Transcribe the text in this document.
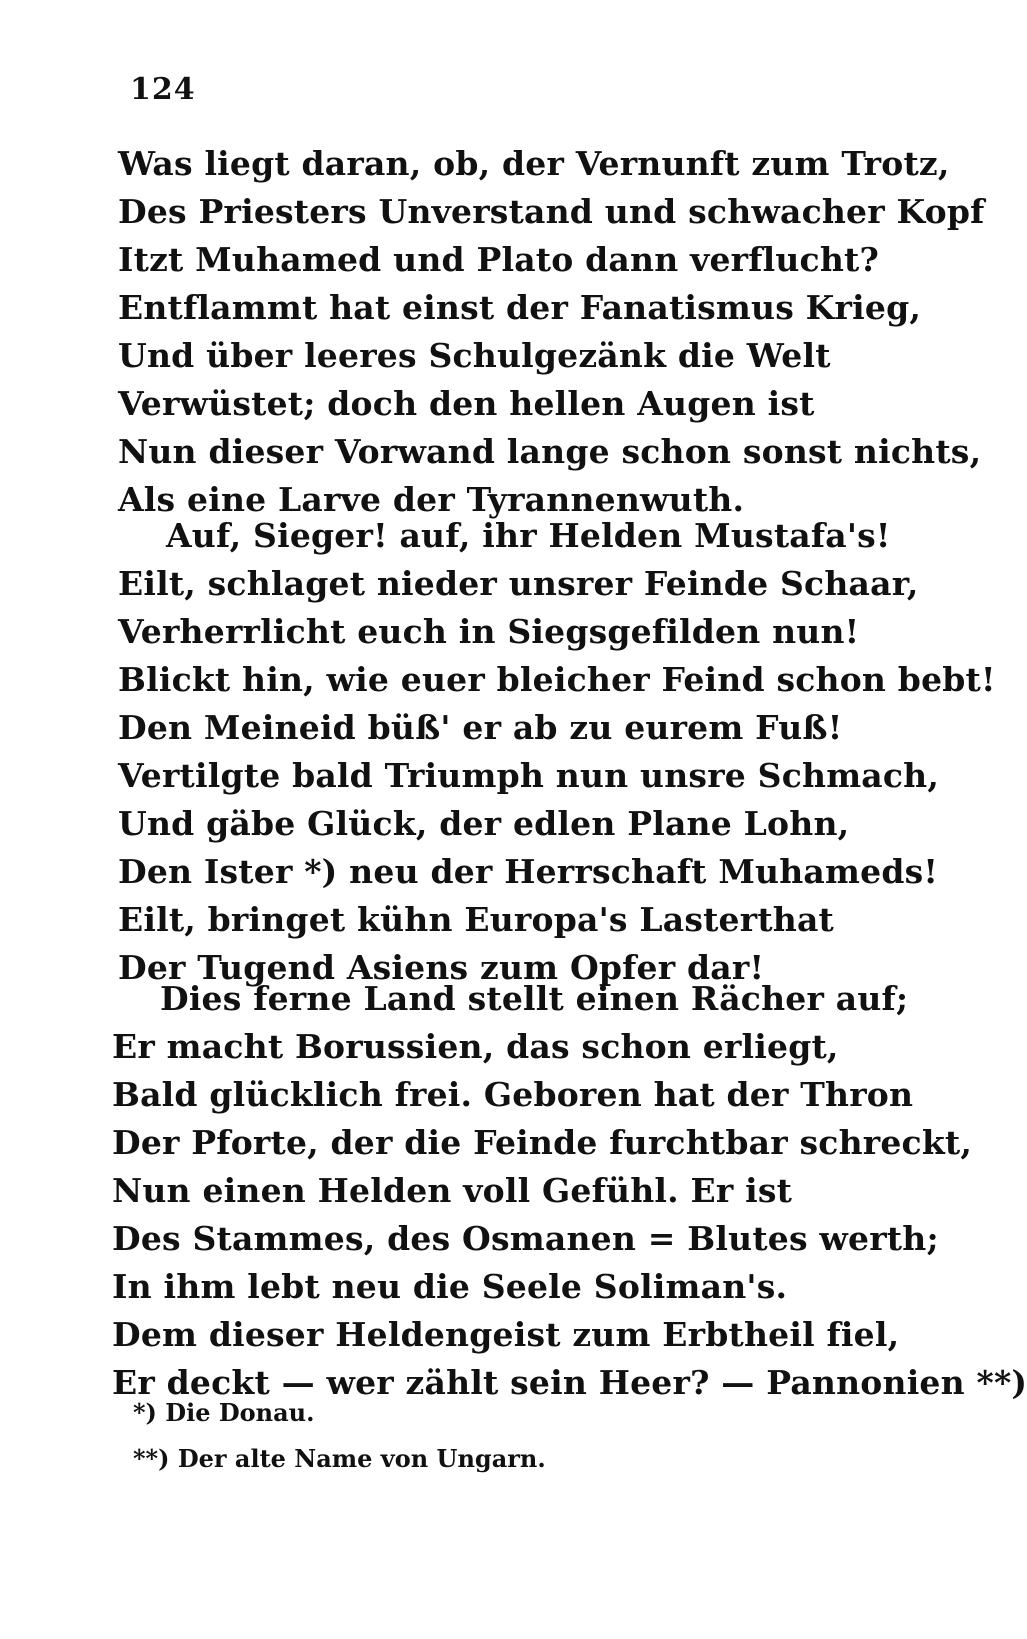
124
Was liegt daran, ob, der Vernunft zum Trotz,
Des Priesters Unverstand und schwacher Kopf
Itzt Muhamed und Plato dann verflucht?
Entflammt hat einst der Fanatismus Krieg,
Und über leeres Schulgezänk die Welt
Verwüstet; doch den hellen Augen ist
Nun dieser Vorwand lange schon sonst nichts,
Als eine Larve der Tyrannenwuth.
Auf, Sieger! auf, ihr Helden Mustafa's!
Eilt, schlaget nieder unsrer Feinde Schaar,
Verherrlicht euch in Siegsgefilden nun!
Blickt hin, wie euer bleicher Feind schon bebt!
Den Meineid büß' er ab zu eurem Fuß!
Vertilgte bald Triumph nun unsre Schmach,
Und gäbe Glück, der edlen Plane Lohn,
Den Ister *) neu der Herrschaft Muhameds!
Eilt, bringet kühn Europa's Lasterthat
Der Tugend Asiens zum Opfer dar!
Dies ferne Land stellt einen Rächer auf;
Er macht Borussien, das schon erliegt,
Bald glücklich frei. Geboren hat der Thron
Der Pforte, der die Feinde furchtbar schreckt,
Nun einen Helden voll Gefühl. Er ist
Des Stammes, des Osmanen = Blutes werth;
In ihm lebt neu die Seele Soliman's.
Dem dieser Heldengeist zum Erbtheil fiel,
Er deckt — wer zählt sein Heer? — Pannonien **)
*) Die Donau.
**) Der alte Name von Ungarn.
